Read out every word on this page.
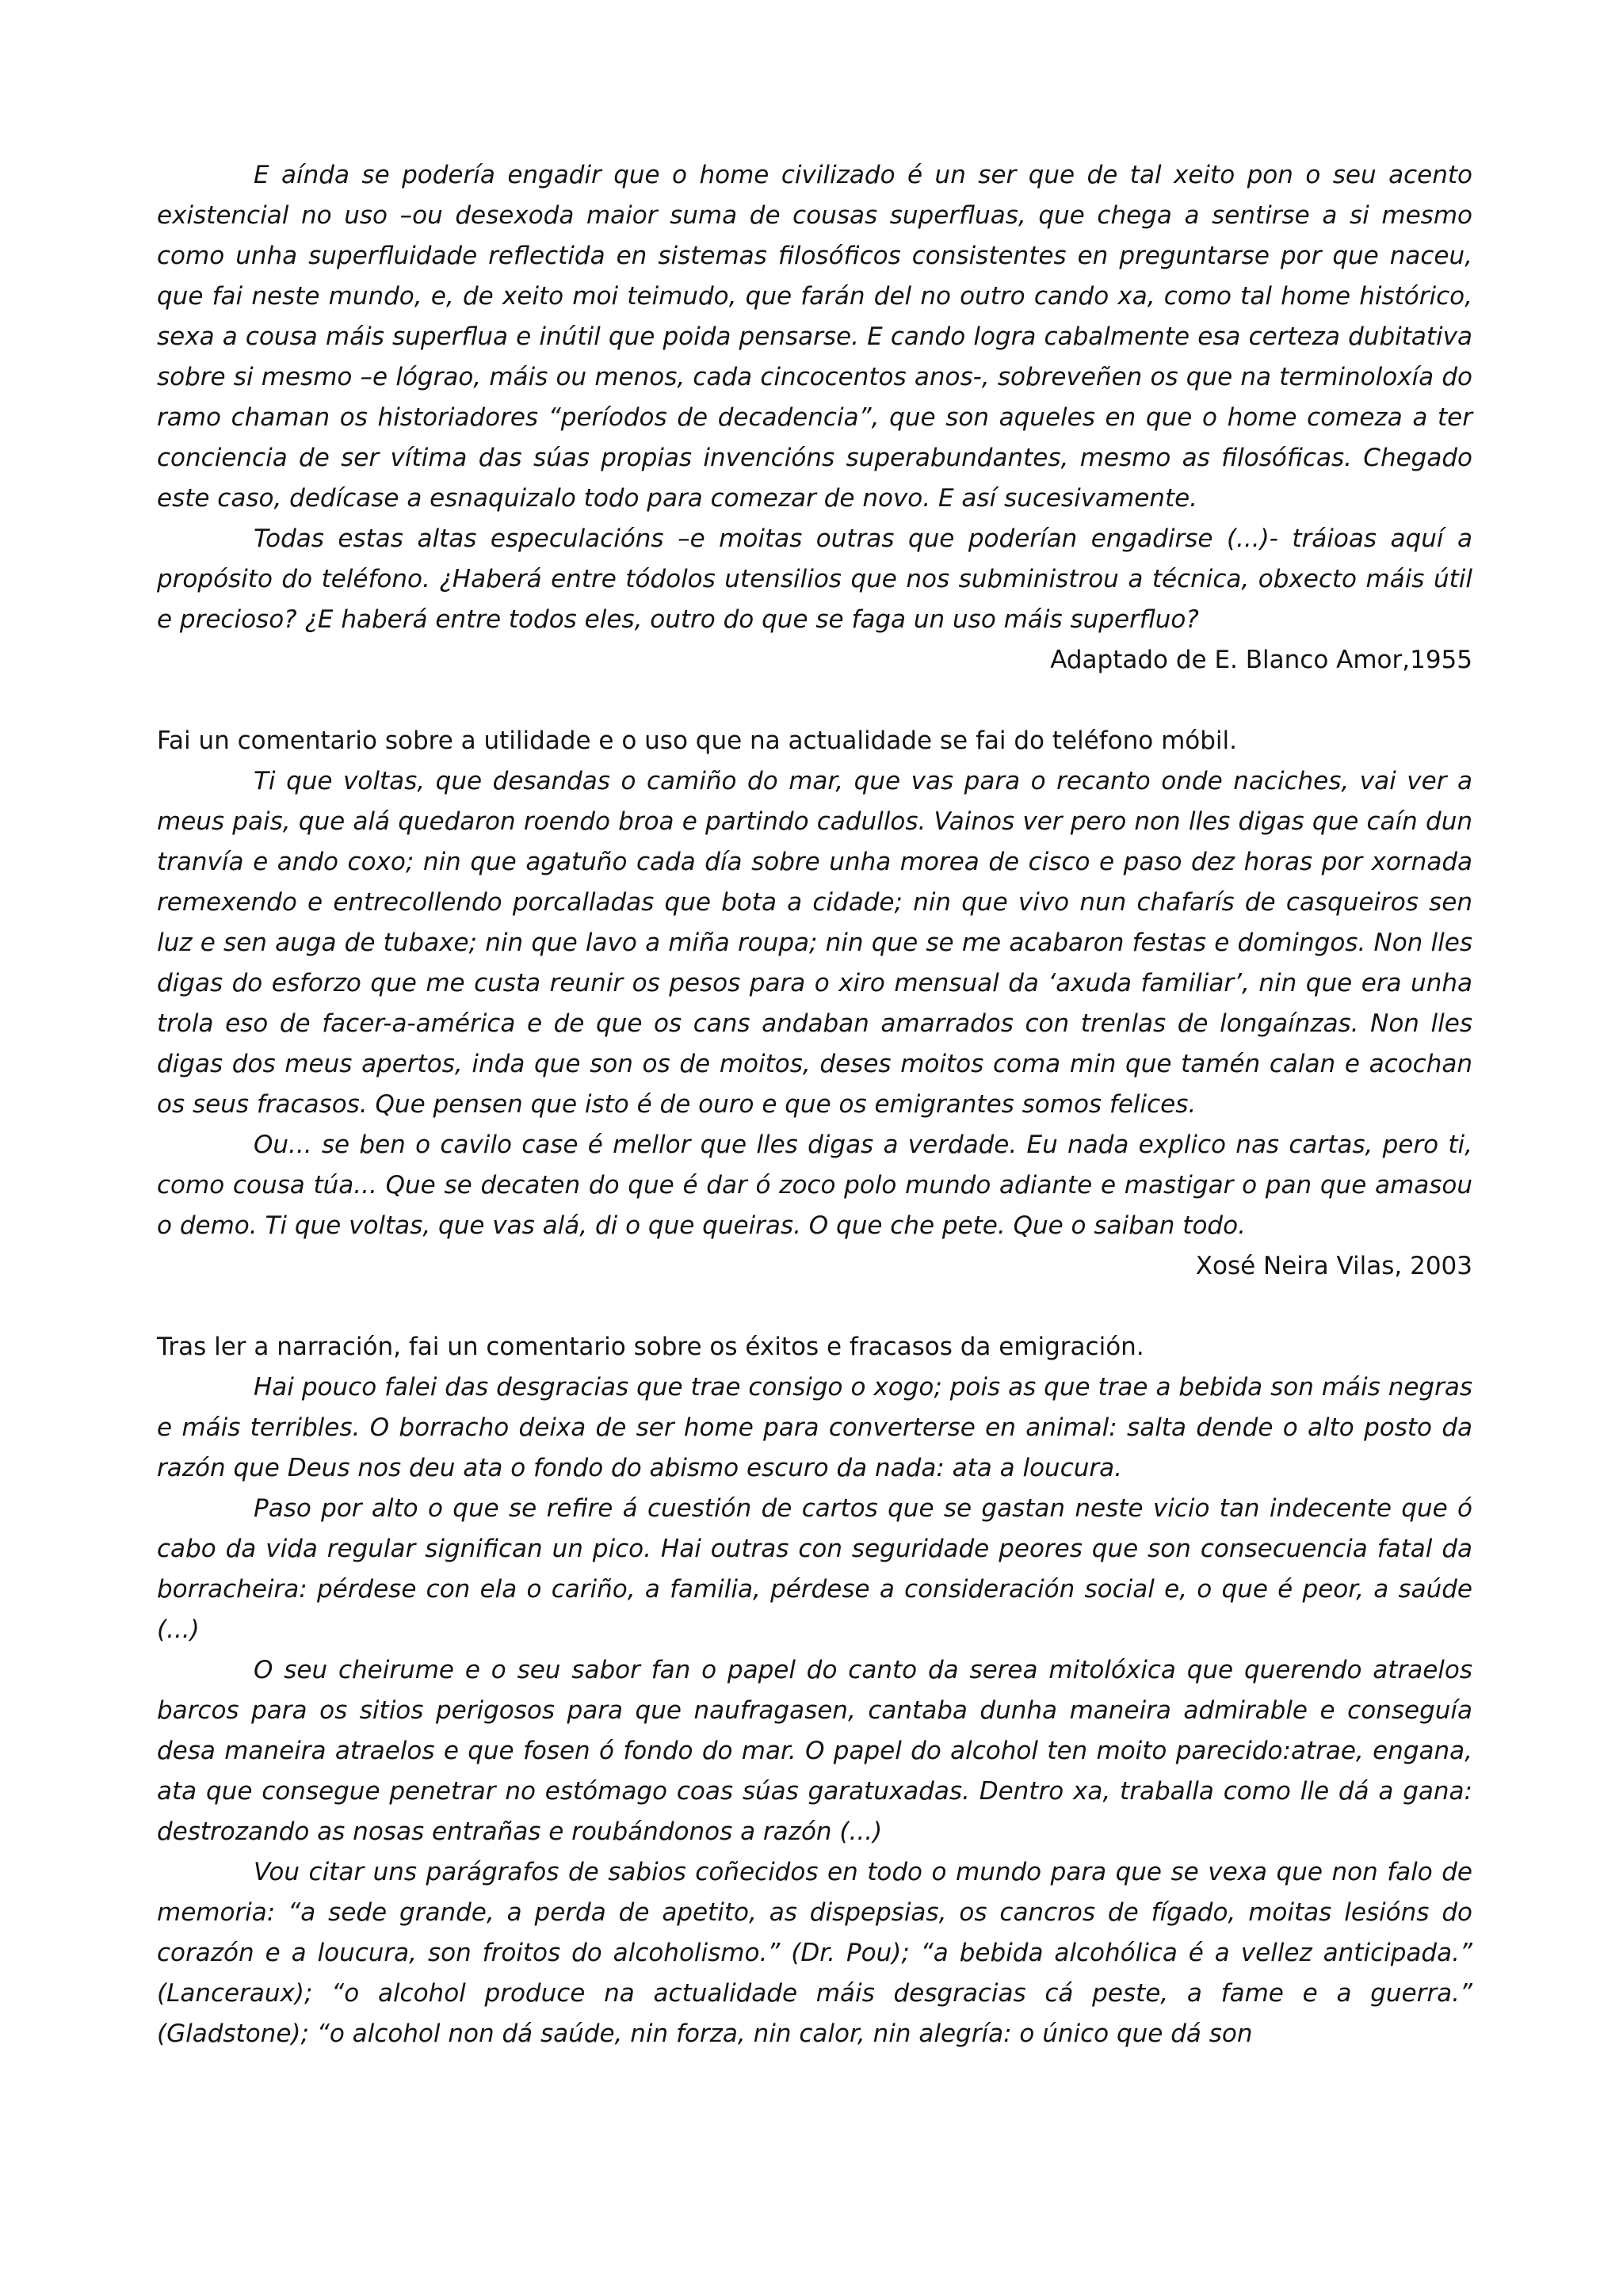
E aínda se podería engadir que o home civilizado é un ser que de tal xeito pon o seu acento existencial no uso –ou desexoda maior suma de cousas superfluas, que chega a sentirse a si mesmo como unha superfluidade reflectida en sistemas filosóficos consistentes en preguntarse por que naceu, que fai neste mundo, e, de xeito moi teimudo, que farán del no outro cando xa, como tal home histórico, sexa a cousa máis superflua e inútil que poida pensarse. E cando logra cabalmente esa certeza dubitativa sobre si mesmo –e lógrao, máis ou menos, cada cincocentos anos-, sobreveñen os que na terminoloxía do ramo chaman os historiadores “períodos de decadencia”, que son aqueles en que o home comeza a ter conciencia de ser vítima das súas propias invencións superabundantes, mesmo as filosóficas. Chegado este caso, dedícase a esnaquizalo todo para comezar de novo. E así sucesivamente.

Todas estas altas especulacións –e moitas outras que poderían engadirse (...)- tráioas aquí a propósito do teléfono. ¿Haberá entre tódolos utensilios que nos subministrou a técnica, obxecto máis útil e precioso? ¿E haberá entre todos eles, outro do que se faga un uso máis superfluo?

Adaptado de E. Blanco Amor,1955

Fai un comentario sobre a utilidade e o uso que na actualidade se fai do teléfono móbil.

Ti que voltas, que desandas o camiño do mar, que vas para o recanto onde naciches, vai ver a meus pais, que alá quedaron roendo broa e partindo cadullos. Vainos ver pero non lles digas que caín dun tranvía e ando coxo; nin que agatuño cada día sobre unha morea de cisco e paso dez horas por xornada remexendo e entrecollendo porcalladas que bota a cidade; nin que vivo nun chafarís de casqueiros sen luz e sen auga de tubaxe; nin que lavo a miña roupa; nin que se me acabaron festas e domingos. Non lles digas do esforzo que me custa reunir os pesos para o xiro mensual da ‘axuda familiar’, nin que era unha trola eso de facer-a-américa e de que os cans andaban amarrados con trenlas de longaínzas. Non lles digas dos meus apertos, inda que son os de moitos, deses moitos coma min que tamén calan e acochan os seus fracasos. Que pensen que isto é de ouro e que os emigrantes somos felices.

Ou... se ben o cavilo case é mellor que lles digas a verdade. Eu nada explico nas cartas, pero ti, como cousa túa... Que se decaten do que é dar ó zoco polo mundo adiante e mastigar o pan que amasou o demo. Ti que voltas, que vas alá, di o que queiras. O que che pete. Que o saiban todo.

Xosé Neira Vilas, 2003

Tras ler a narración, fai un comentario sobre os éxitos e fracasos da emigración.

Hai pouco falei das desgracias que trae consigo o xogo; pois as que trae a bebida son máis negras e máis terribles. O borracho deixa de ser home para converterse en animal: salta dende o alto posto da razón que Deus nos deu ata o fondo do abismo escuro da nada: ata a loucura.

Paso por alto o que se refire á cuestión de cartos que se gastan neste vicio tan indecente que ó cabo da vida regular significan un pico. Hai outras con seguridade peores que son consecuencia fatal da borracheira: pérdese con ela o cariño, a familia, pérdese a consideración social e, o que é peor, a saúde (...)

O seu cheirume e o seu sabor fan o papel do canto da serea mitolóxica que querendo atraelos barcos para os sitios perigosos para que naufragasen, cantaba dunha maneira admirable e conseguía desa maneira atraelos e que fosen ó fondo do mar. O papel do alcohol ten moito parecido:atrae, engana, ata que consegue penetrar no estómago coas súas garatuxadas. Dentro xa, traballa como lle dá a gana: destrozando as nosas entrañas e roubándonos a razón (...)

Vou citar uns parágrafos de sabios coñecidos en todo o mundo para que se vexa que non falo de memoria: “a sede grande, a perda de apetito, as dispepsias, os cancros de fígado, moitas lesións do corazón e a loucura, son froitos do alcoholismo.” (Dr. Pou); “a bebida alcohólica é a vellez anticipada.” (Lanceraux); “o alcohol produce na actualidade máis desgracias cá peste, a fame e a guerra.” (Gladstone); “o alcohol non dá saúde, nin forza, nin calor, nin alegría: o único que dá son
